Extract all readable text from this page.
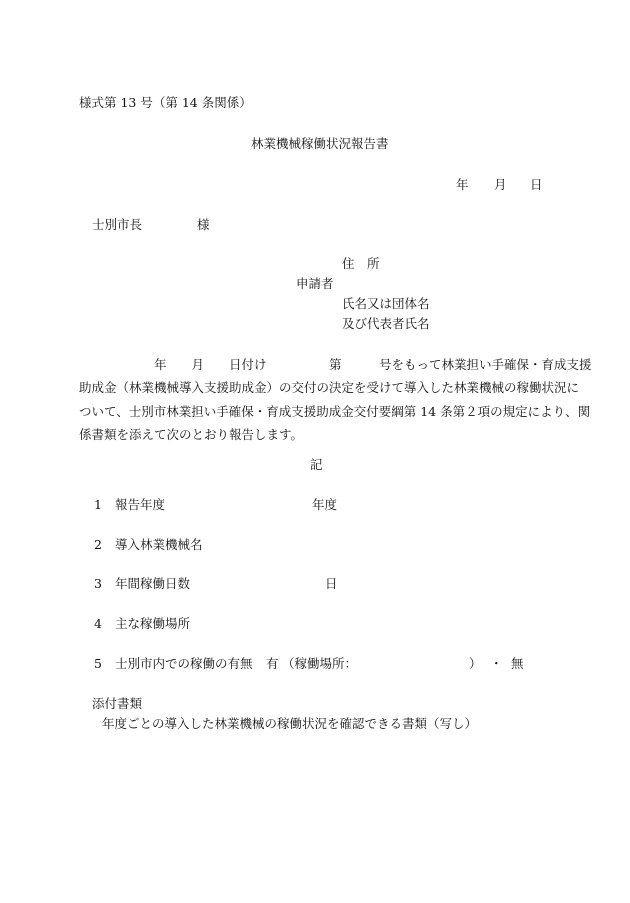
様式第 13 号（第 14 条関係）
林業機械稼働状況報告書
年 月 日
士別市長	様
住　所
申請者
氏名又は団体名
及び代表者氏名
　　　　　　年　　月　　日付け　　　　　第　　　号をもって林業担い手確保・育成支援
助成金（林業機械導入支援助成金）の交付の決定を受けて導入した林業機械の稼働状況に
ついて、士別市林業担い手確保・育成支援助成金交付要綱第 14 条第２項の規定により、関
係書類を添えて次のとおり報告します。
記
1 報告年度	年度
2 導入林業機械名
3 年間稼働日数	日
4 主な稼働場所
5 士別市内での稼働の有無 有 （稼働場所：	） ・ 無
添付書類
年度ごとの導入した林業機械の稼働状況を確認できる書類（写し）
